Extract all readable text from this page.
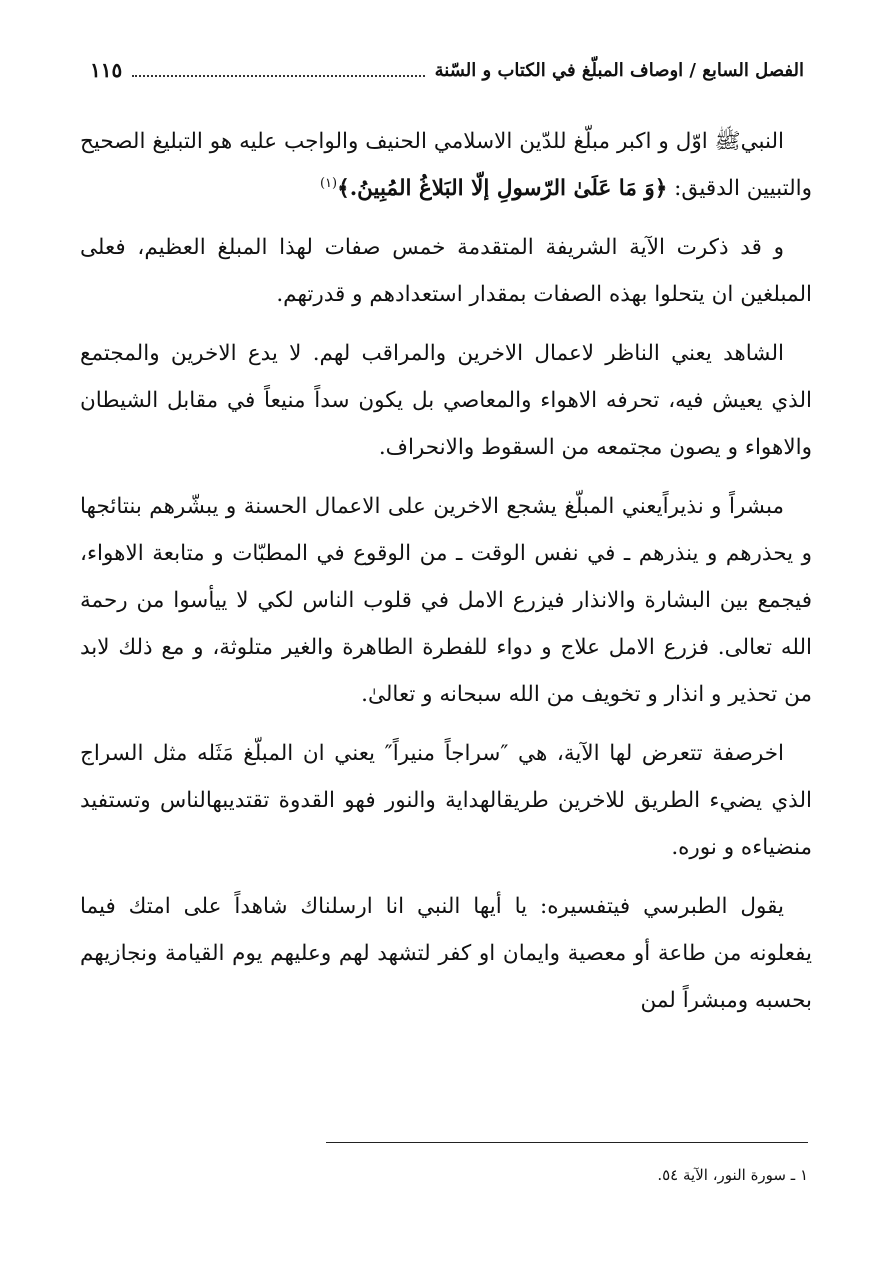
الفصل السابع / اوصاف المبلّغ في الكتاب و السّنة
١١٥

النبيﷺ اوّل و اكبر مبلّغ للدّين الاسلامي الحنيف والواجب عليه هو التبليغ الصحيح والتبيين الدقيق: ﴿وَ مَا عَلَىٰ الرّسولِ إلّا البَلاغُ المُبِينُ.﴾$^{(١)}$

و قد ذكرت الآية الشريفة المتقدمة خمس صفات لهذا المبلغ العظيم، فعلى المبلغين ان يتحلوا بهذه الصفات بمقدار استعدادهم و قدرتهم.

الشاهد يعني الناظر لاعمال الاخرين والمراقب لهم. لا يدع الاخرين والمجتمع الذي يعيش فيه، تحرفه الاهواء والمعاصي بل يكون سداً منيعاً في مقابل الشيطان والاهواء و يصون مجتمعه من السقوط والانحراف.

مبشراً و نذيراًيعني المبلّغ يشجع الاخرين على الاعمال الحسنة و يبشّرهم بنتائجها و يحذرهم و ينذرهم ـ في نفس الوقت ـ من الوقوع في المطبّات و متابعة الاهواء، فيجمع بين البشارة والانذار فيزرع الامل في قلوب الناس لكي لا ييأسوا من رحمة الله تعالى. فزرع الامل علاج و دواء للفطرة الطاهرة والغير متلوثة، و مع ذلك لابد من تحذير و انذار و تخويف من الله سبحانه و تعالىٰ.

اخرصفة تتعرض لها الآية، هي ″سراجاً منيراً″ يعني ان المبلّغ مَثَله مثل السراج الذي يضيء الطريق للاخرين طريقالهداية والنور فهو القدوة تقتديبهالناس وتستفيد منضياءه و نوره.

يقول الطبرسي فيتفسيره: يا أيها النبي انا ارسلناك شاهداً على امتك فيما يفعلونه من طاعة أو معصية وايمان او كفر لتشهد لهم وعليهم يوم القيامة ونجازيهم بحسبه ومبشراً لمن

١ ـ سورة النور، الآية ٥٤.
